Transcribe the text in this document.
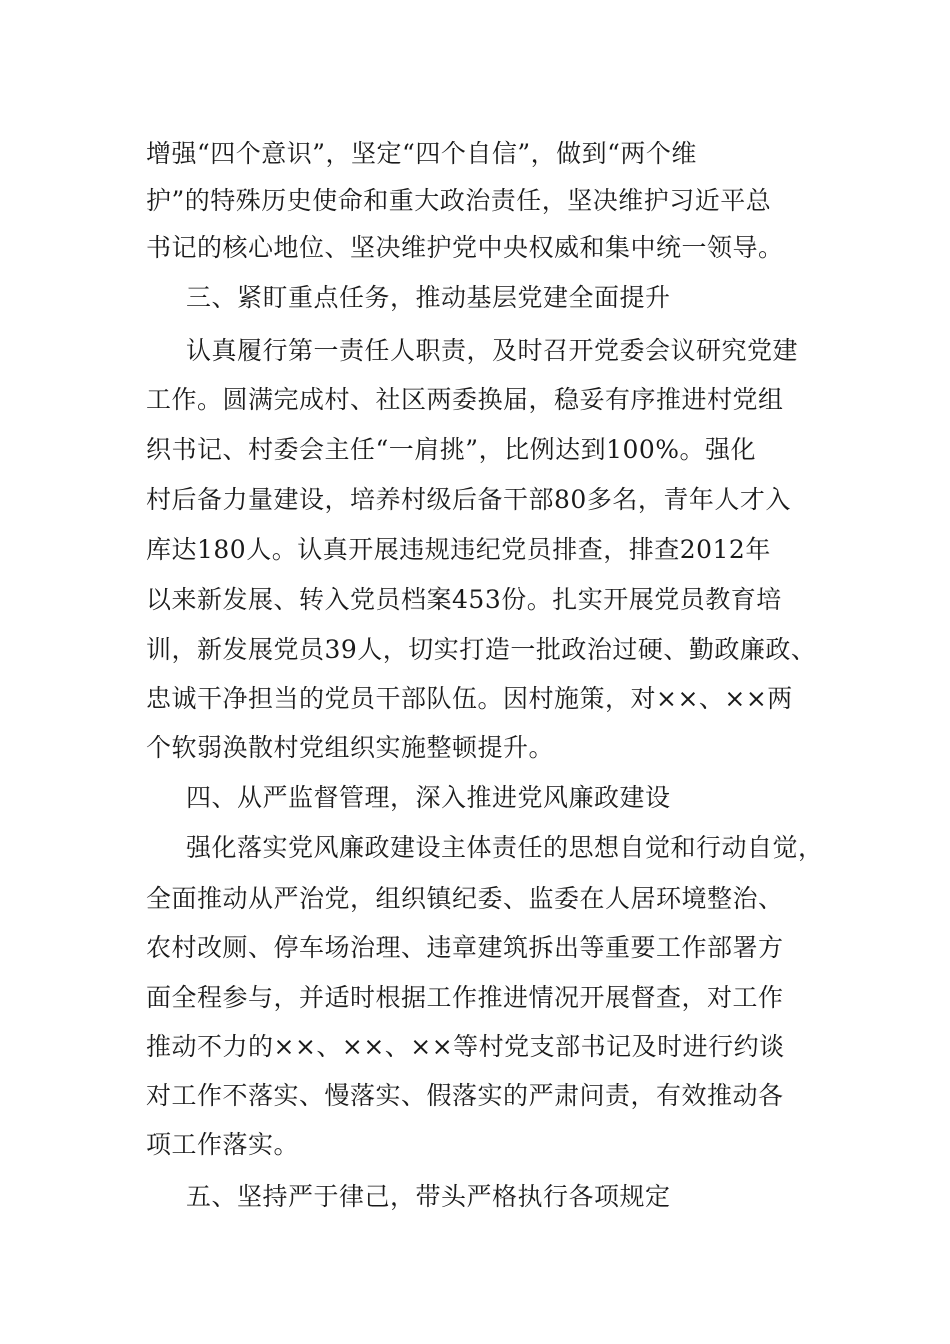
增强“四个意识”，坚定“四个自信”，做到“两个维
护”的特殊历史使命和重大政治责任，坚决维护习近平总
书记的核心地位、坚决维护党中央权威和集中统一领导。
三、紧盯重点任务，推动基层党建全面提升
认真履行第一责任人职责，及时召开党委会议研究党建
工作。圆满完成村、社区两委换届，稳妥有序推进村党组
织书记、村委会主任“一肩挑”，比例达到100%。强化
村后备力量建设，培养村级后备干部80多名，青年人才入
库达180人。认真开展违规违纪党员排查，排查2012年
以来新发展、转入党员档案453份。扎实开展党员教育培
训，新发展党员39人，切实打造一批政治过硬、勤政廉政、
忠诚干净担当的党员干部队伍。因村施策，对××、××两
个软弱涣散村党组织实施整顿提升。
四、从严监督管理，深入推进党风廉政建设
强化落实党风廉政建设主体责任的思想自觉和行动自觉，
全面推动从严治党，组织镇纪委、监委在人居环境整治、
农村改厕、停车场治理、违章建筑拆出等重要工作部署方
面全程参与，并适时根据工作推进情况开展督查，对工作
推动不力的××、××、××等村党支部书记及时进行约谈
对工作不落实、慢落实、假落实的严肃问责，有效推动各
项工作落实。
五、坚持严于律己，带头严格执行各项规定
